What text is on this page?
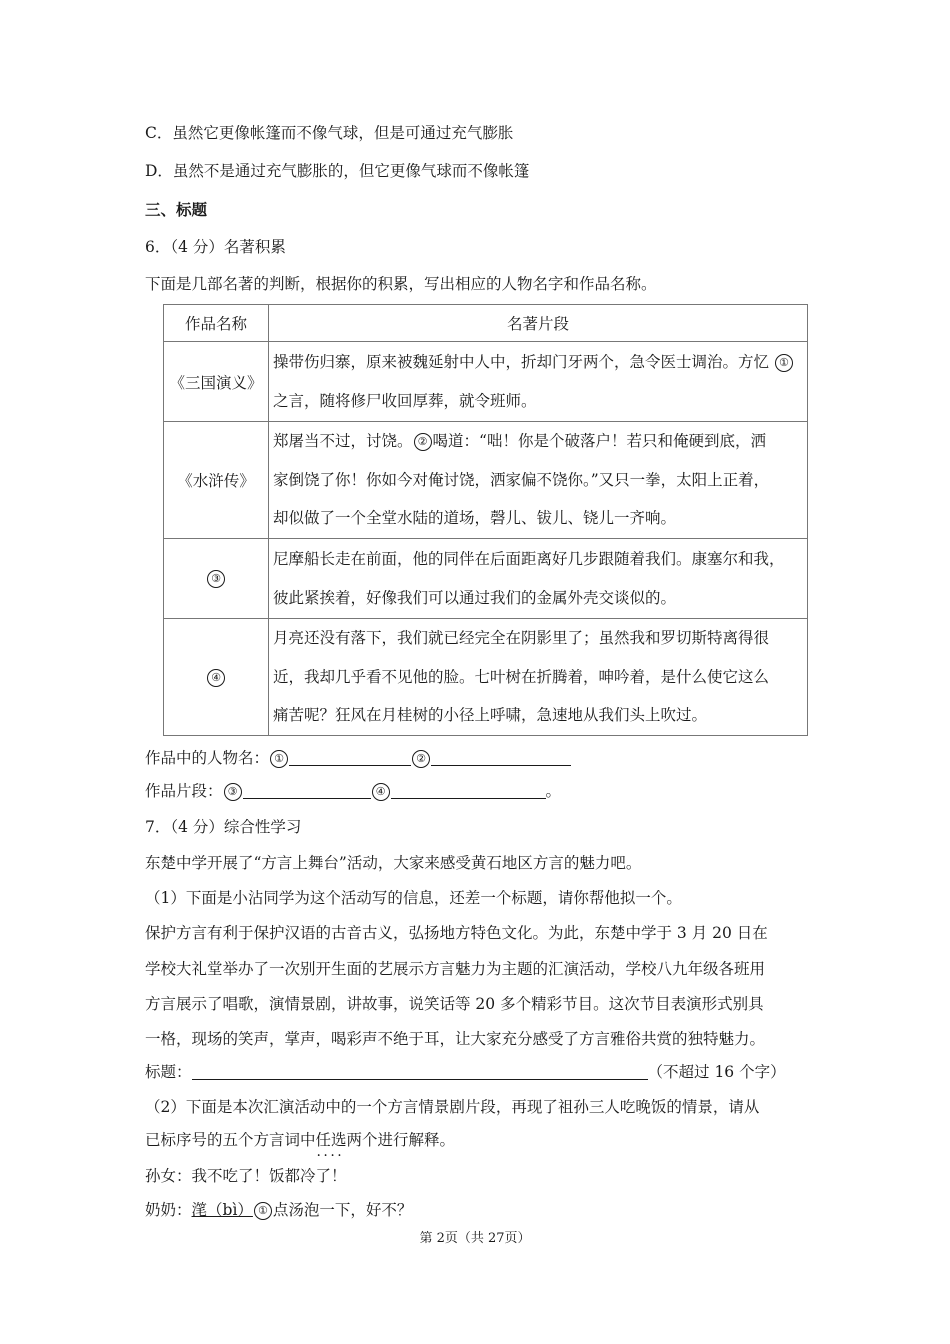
C．虽然它更像帐篷而不像气球，但是可通过充气膨胀
D．虽然不是通过充气膨胀的，但它更像气球而不像帐篷
三、标题
6．（4 分）名著积累
下面是几部名著的判断，根据你的积累，写出相应的人物名字和作品名称。
作品名称	名著片段
《三国演义》	操带伤归寨，原来被魏延射中人中，折却门牙两个，急令医士调治。方忆 ①
之言，随将修尸收回厚葬，就令班师。
《水浒传》	郑屠当不过，讨饶。 ② 喝道：“咄！你是个破落户！若只和俺硬到底，洒
家倒饶了你！你如今对俺讨饶，洒家偏不饶你。”又只一拳，太阳上正着，
却似做了一个全堂水陆的道场，磬儿、钹儿、铙儿一齐响。
③	尼摩船长走在前面，他的同伴在后面距离好几步跟随着我们。康塞尔和我，
彼此紧挨着，好像我们可以通过我们的金属外壳交谈似的。
④	月亮还没有落下，我们就已经完全在阴影里了；虽然我和罗切斯特离得很
近，我却几乎看不见他的脸。七叶树在折腾着，呻吟着，是什么使它这么
痛苦呢？狂风在月桂树的小径上呼啸，急速地从我们头上吹过。
作品中的人物名： ①	②
作品片段： ③	④	。
7．（4 分）综合性学习
东楚中学开展了“方言上舞台”活动，大家来感受黄石地区方言的魅力吧。
（1）下面是小沾同学为这个活动写的信息，还差一个标题，请你帮他拟一个。
保护方言有利于保护汉语的古音古义，弘扬地方特色文化。为此，东楚中学于 3 月 20 日在
学校大礼堂举办了一次别开生面的艺展示方言魅力为主题的汇演活动，学校八九年级各班用
方言展示了唱歌，演情景剧，讲故事，说笑话等 20 多个精彩节目。这次节目表演形式别具
一格，现场的笑声，掌声，喝彩声不绝于耳，让大家充分感受了方言雅俗共赏的独特魅力。
标题：	（不超过 16 个字）
（2）下面是本次汇演活动中的一个方言情景剧片段，再现了祖孙三人吃晚饭的情景，请从
已标序号的五个方言词中任选两个 · · 进行解释。
孙女：我不吃了！饭都冷了！
奶奶：滗（bì） ① 点汤泡一下，好不？
第 2页（共 27页）
